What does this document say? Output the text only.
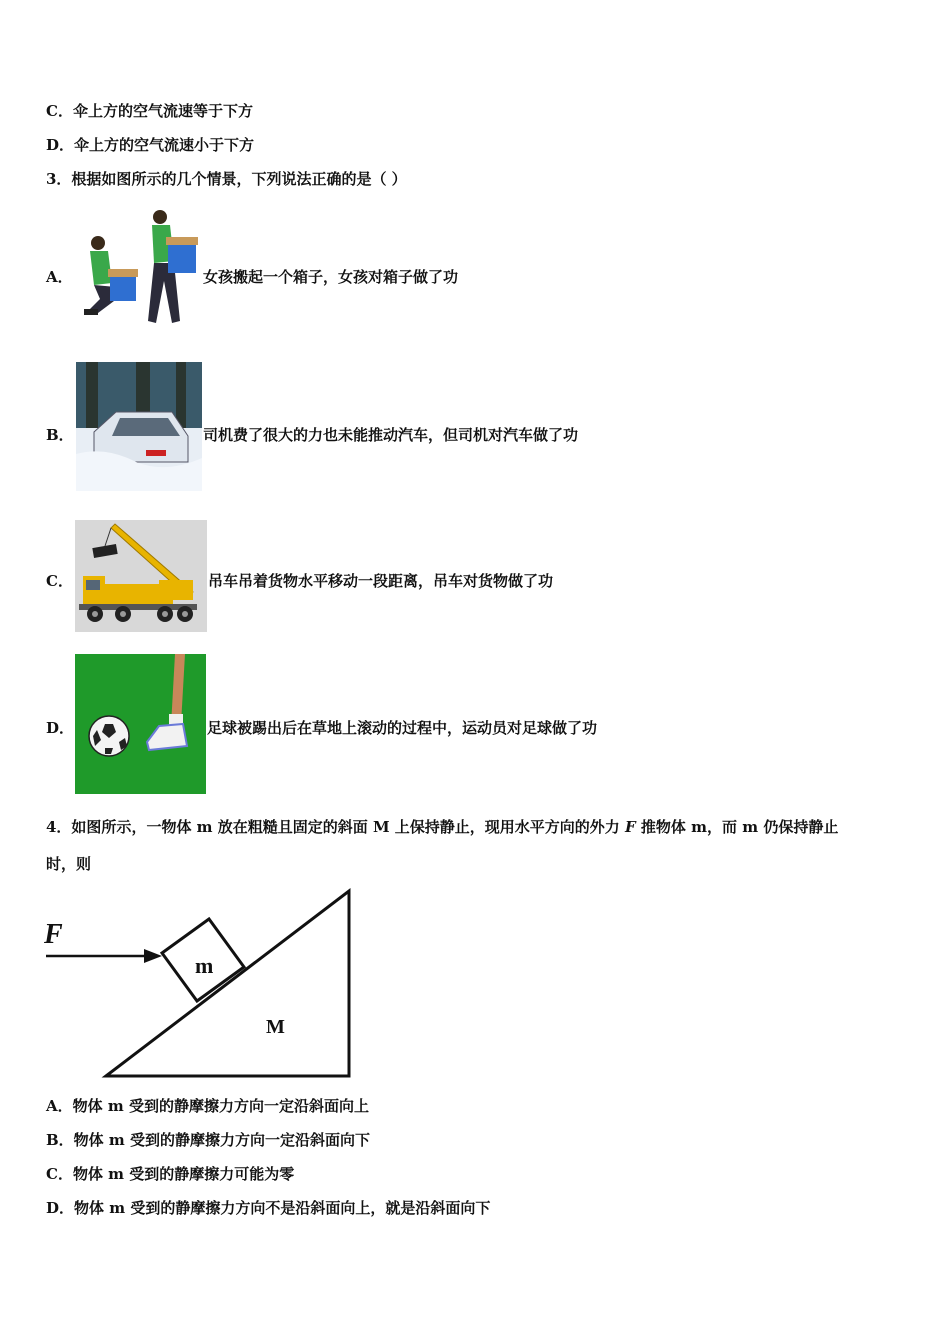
C．伞上方的空气流速等于下方
D．伞上方的空气流速小于下方
3．根据如图所示的几个情景，下列说法正确的是（ ）
A．	女孩搬起一个箱子，女孩对箱子做了功
B．	司机费了很大的力也未能推动汽车，但司机对汽车做了功
C．	吊车吊着货物水平移动一段距离，吊车对货物做了功
D．	足球被踢出后在草地上滚动的过程中，运动员对足球做了功
4．如图所示，一物体 m 放在粗糙且固定的斜面 M 上保持静止，现用水平方向的外力 F 推物体 m，而 m 仍保持静止
时，则
F
m
M
A．物体 m 受到的静摩擦力方向一定沿斜面向上
B．物体 m 受到的静摩擦力方向一定沿斜面向下
C．物体 m 受到的静摩擦力可能为零
D．物体 m 受到的静摩擦力方向不是沿斜面向上，就是沿斜面向下
